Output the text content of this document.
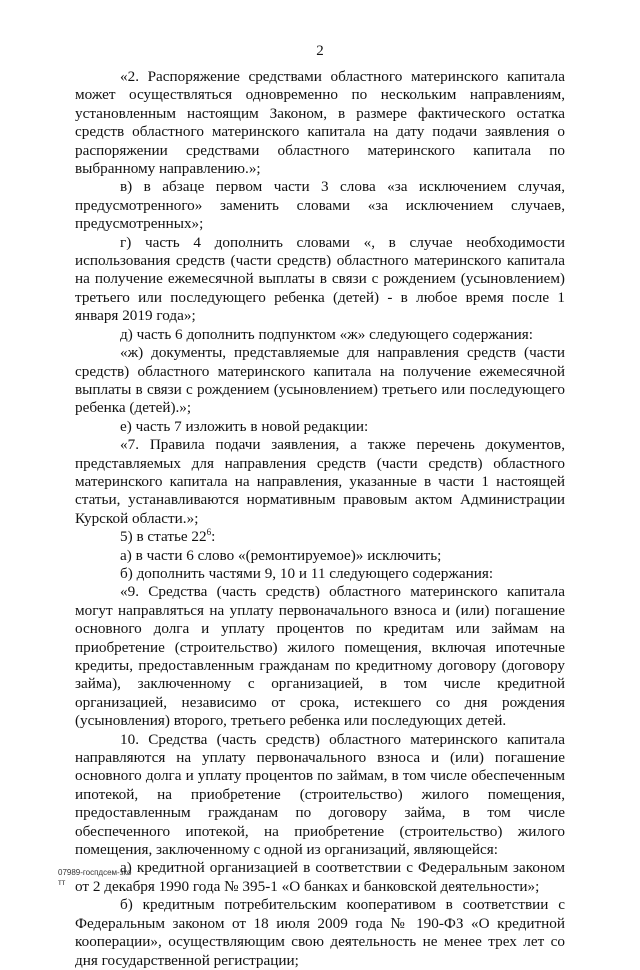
2

«2. Распоряжение средствами областного материнского капитала может осуществляться одновременно по нескольким направлениям, установленным настоящим Законом, в размере фактического остатка средств областного материнского капитала на дату подачи заявления о распоряжении средствами областного материнского капитала по выбранному направлению.»;

в) в абзаце первом части 3 слова «за исключением случая, предусмотренного» заменить словами «за исключением случаев, предусмотренных»;

г) часть 4 дополнить словами «, в случае необходимости использования средств (части средств) областного материнского капитала на получение ежемесячной выплаты в связи с рождением (усыновлением) третьего или последующего ребенка (детей) - в любое время после 1 января 2019 года»;

д) часть 6 дополнить подпунктом «ж» следующего содержания:

«ж) документы, представляемые для направления средств (части средств) областного материнского капитала на получение ежемесячной выплаты в связи с рождением (усыновлением) третьего или последующего ребенка (детей).»;

е) часть 7 изложить в новой редакции:

«7. Правила подачи заявления, а также перечень документов, представляемых для направления средств (части средств) областного материнского капитала на направления, указанные в части 1 настоящей статьи, устанавливаются нормативным правовым актом Администрации Курской области.»;

5) в статье $22^6$:

а) в части 6 слово «(ремонтируемое)» исключить;

б) дополнить частями 9, 10 и 11 следующего содержания:

«9. Средства (часть средств) областного материнского капитала могут направляться на уплату первоначального взноса и (или) погашение основного долга и уплату процентов по кредитам или займам на приобретение (строительство) жилого помещения, включая ипотечные кредиты, предоставленным гражданам по кредитному договору (договору займа), заключенному с организацией, в том числе кредитной организацией, независимо от срока, истекшего со дня рождения (усыновления) второго, третьего ребенка или последующих детей.

10. Средства (часть средств) областного материнского капитала направляются на уплату первоначального взноса и (или) погашение основного долга и уплату процентов по займам, в том числе обеспеченным ипотекой, на приобретение (строительство) жилого помещения, предоставленным гражданам по договору займа, в том числе обеспеченного ипотекой, на приобретение (строительство) жилого помещения, заключенному с одной из организаций, являющейся:

а) кредитной организацией в соответствии с Федеральным законом от 2 декабря 1990 года № 395-1 «О банках и банковской деятельности»;

б) кредитным потребительским кооперативом в соответствии с Федеральным законом от 18 июля 2009 года № 190-ФЗ «О кредитной кооперации», осуществляющим свою деятельность не менее трех лет со дня государственной регистрации;

07989-госпдсем-зко
тт
